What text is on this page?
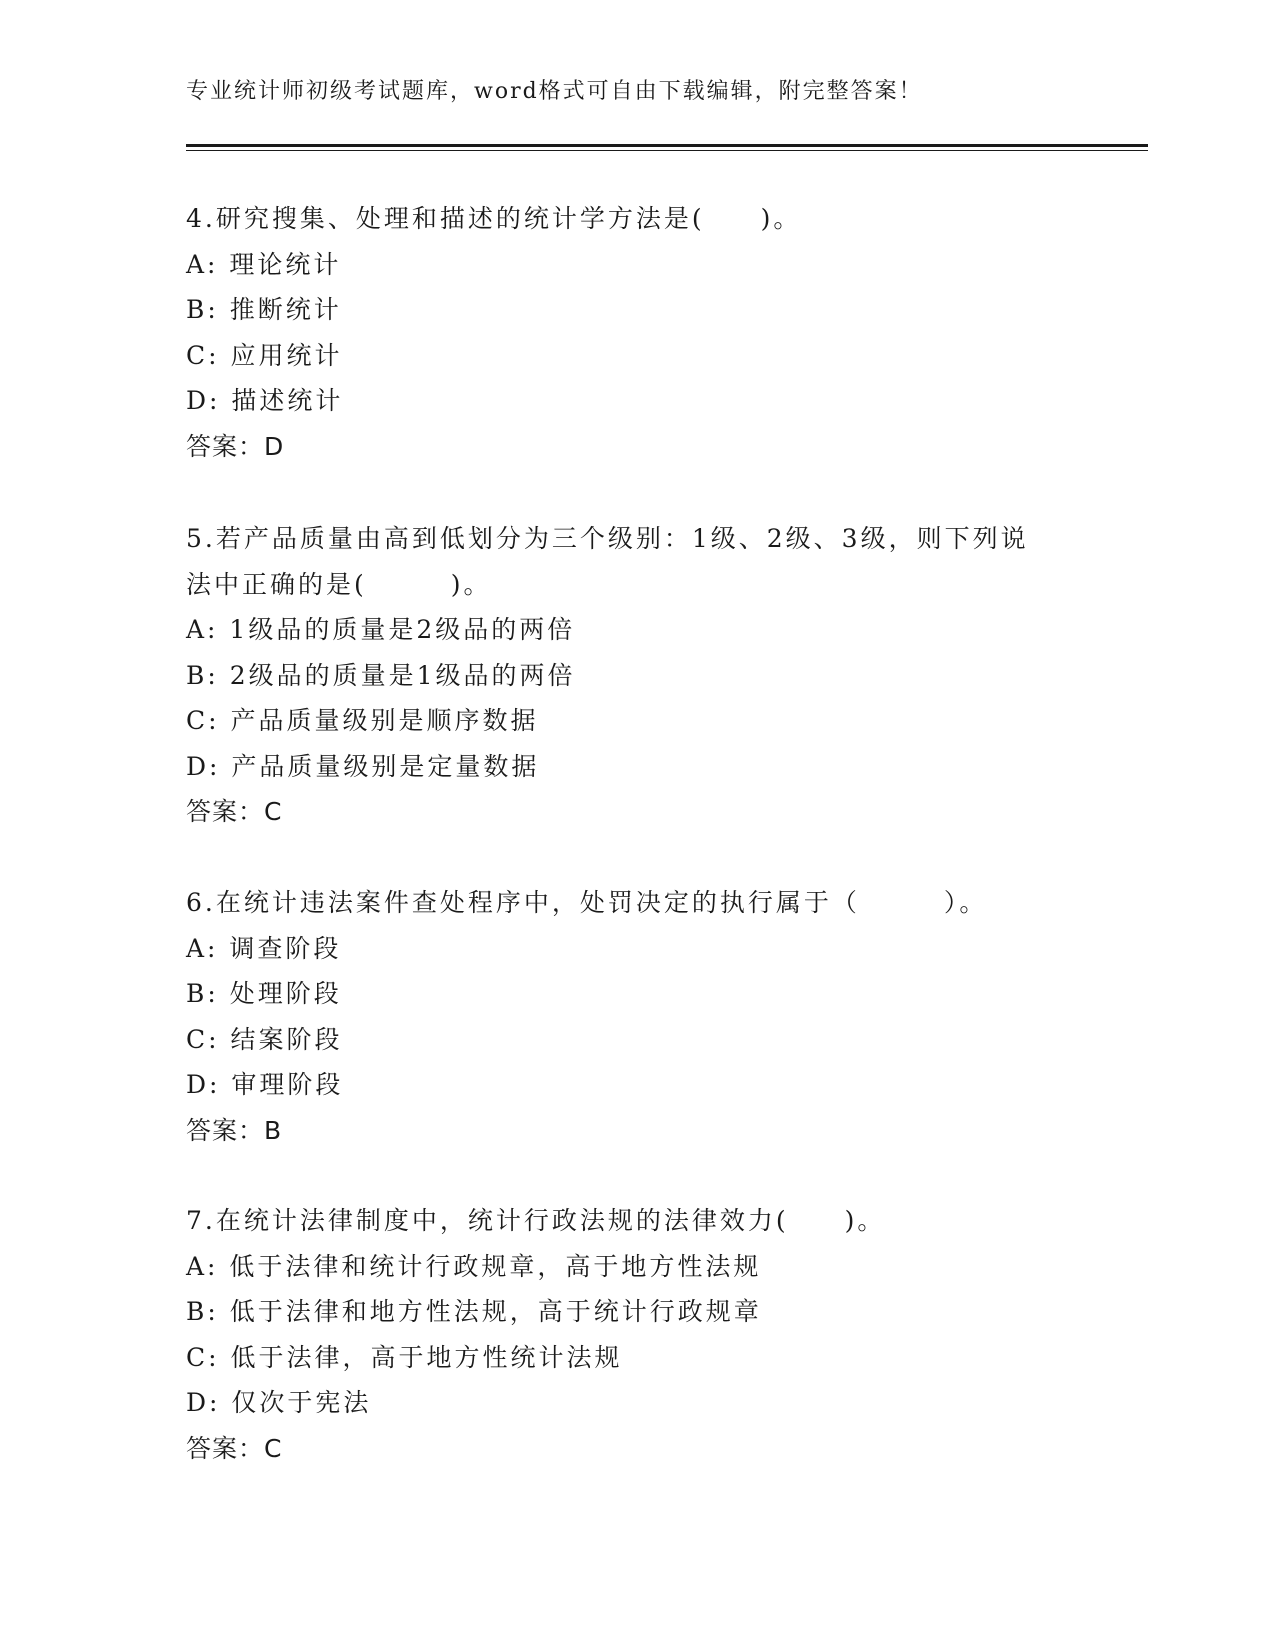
专业统计师初级考试题库，word格式可自由下载编辑，附完整答案！
4.研究搜集、处理和描述的统计学方法是(　　)。
A: 理论统计
B: 推断统计
C: 应用统计
D: 描述统计
答案：D
5.若产品质量由高到低划分为三个级别：1级、2级、3级，则下列说
法中正确的是(　　　)。
A: 1级品的质量是2级品的两倍
B: 2级品的质量是1级品的两倍
C: 产品质量级别是顺序数据
D: 产品质量级别是定量数据
答案：C
6.在统计违法案件查处程序中，处罚决定的执行属于（　　　）。
A: 调查阶段
B: 处理阶段
C: 结案阶段
D: 审理阶段
答案：B
7.在统计法律制度中，统计行政法规的法律效力(　　)。
A: 低于法律和统计行政规章，高于地方性法规
B: 低于法律和地方性法规，高于统计行政规章
C: 低于法律，高于地方性统计法规
D: 仅次于宪法
答案：C
